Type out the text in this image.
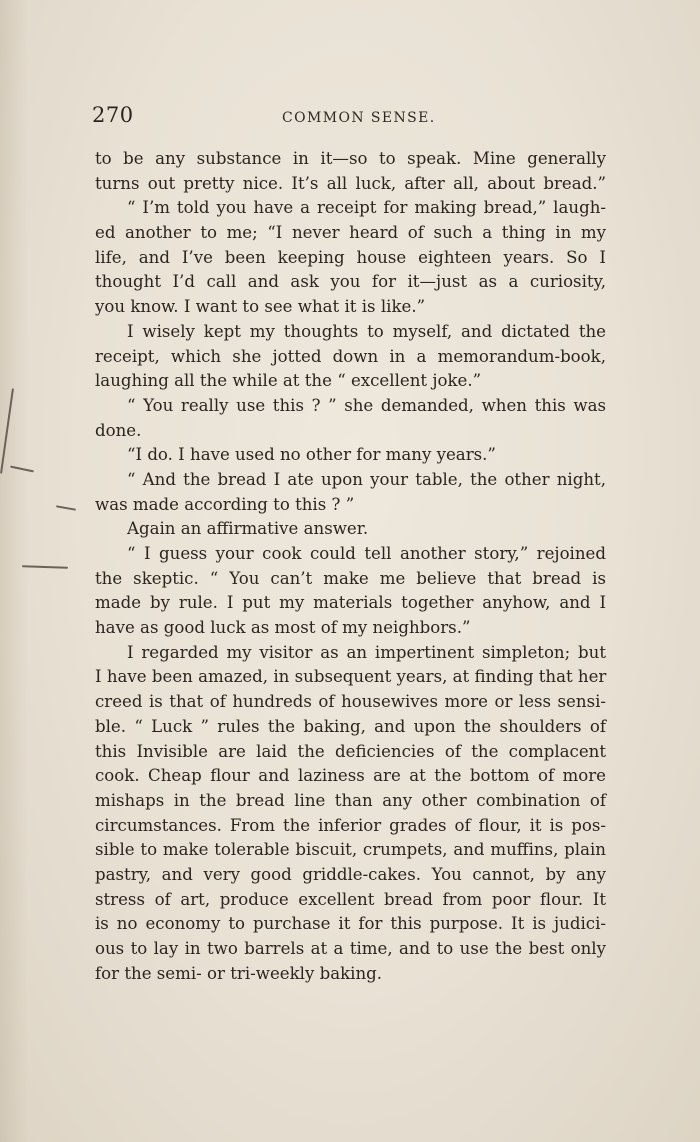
270	COMMON SENSE.
to be any substance in it—so to speak. Mine generally
turns out pretty nice. It’s all luck, after all, about bread.”
“ I’m told you have a receipt for making bread,” laugh-
ed another to me; “I never heard of such a thing in my
life, and I’ve been keeping house eighteen years. So I
thought I’d call and ask you for it—just as a curiosity,
you know. I want to see what it is like.”
I wisely kept my thoughts to myself, and dictated the
receipt, which she jotted down in a memorandum-book,
laughing all the while at the “ excellent joke.”
“ You really use this ? ” she demanded, when this was
done.
“I do. I have used no other for many years.”
“ And the bread I ate upon your table, the other night,
was made according to this ? ”
Again an affirmative answer.
“ I guess your cook could tell another story,” rejoined
the skeptic. “ You can’t make me believe that bread is
made by rule. I put my materials together anyhow, and I
have as good luck as most of my neighbors.”
I regarded my visitor as an impertinent simpleton; but
I have been amazed, in subsequent years, at finding that her
creed is that of hundreds of housewives more or less sensi-
ble. “ Luck ” rules the baking, and upon the shoulders of
this Invisible are laid the deficiencies of the complacent
cook. Cheap flour and laziness are at the bottom of more
mishaps in the bread line than any other combination of
circumstances. From the inferior grades of flour, it is pos-
sible to make tolerable biscuit, crumpets, and muffins, plain
pastry, and very good griddle-cakes. You cannot, by any
stress of art, produce excellent bread from poor flour. It
is no economy to purchase it for this purpose. It is judici-
ous to lay in two barrels at a time, and to use the best only
for the semi- or tri-weekly baking.
